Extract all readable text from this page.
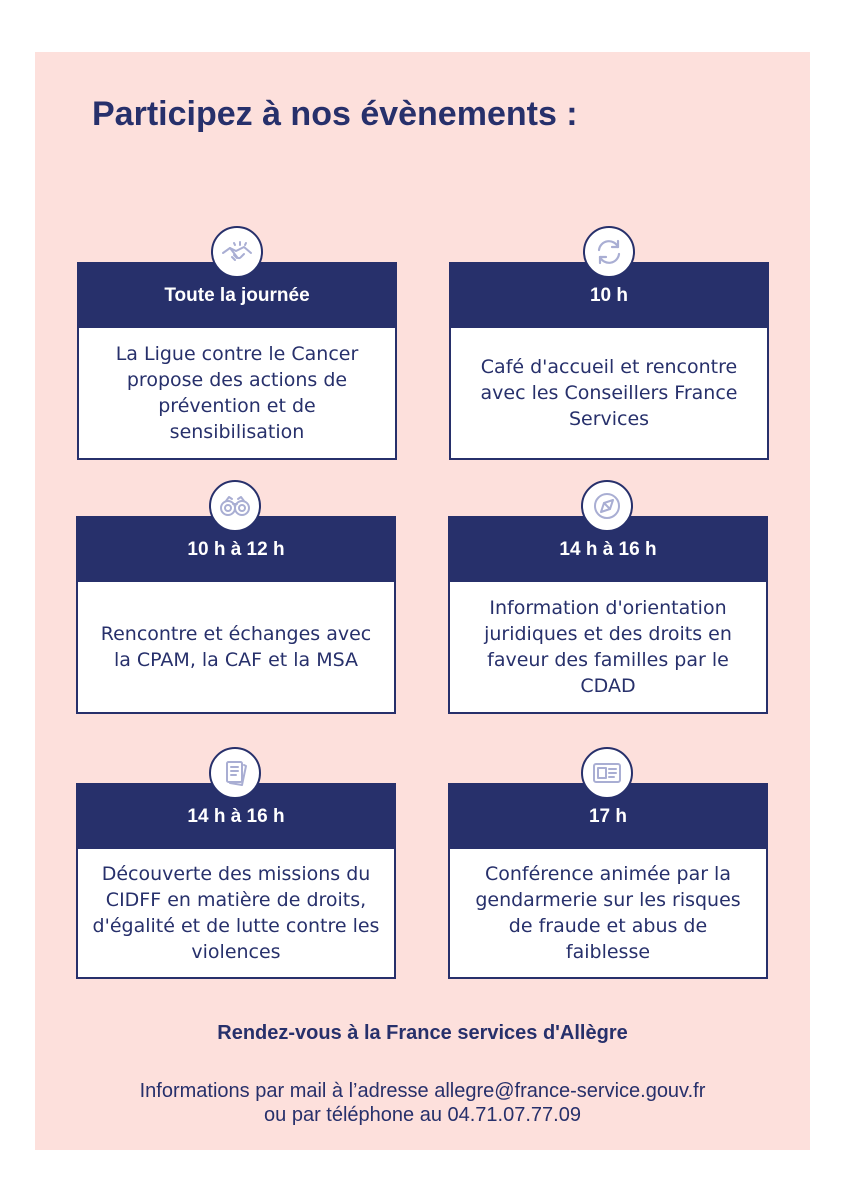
Participez à nos évènements :
Toute la journée
La Ligue contre le Cancer propose des actions de prévention et de sensibilisation
10 h
Café d'accueil et rencontre avec les Conseillers France Services
10 h à 12 h
Rencontre et échanges avec la CPAM, la CAF et la MSA
14 h à 16 h
Information d'orientation juridiques et des droits en faveur des familles par le CDAD
14 h à 16 h
Découverte des missions du CIDFF en matière de droits, d'égalité et de lutte contre les violences
17 h
Conférence animée par la gendarmerie sur les risques de fraude et abus de faiblesse
Rendez-vous à la France services d'Allègre
Informations par mail à l’adresse allegre@france-service.gouv.fr
ou par téléphone au 04.71.07.77.09
